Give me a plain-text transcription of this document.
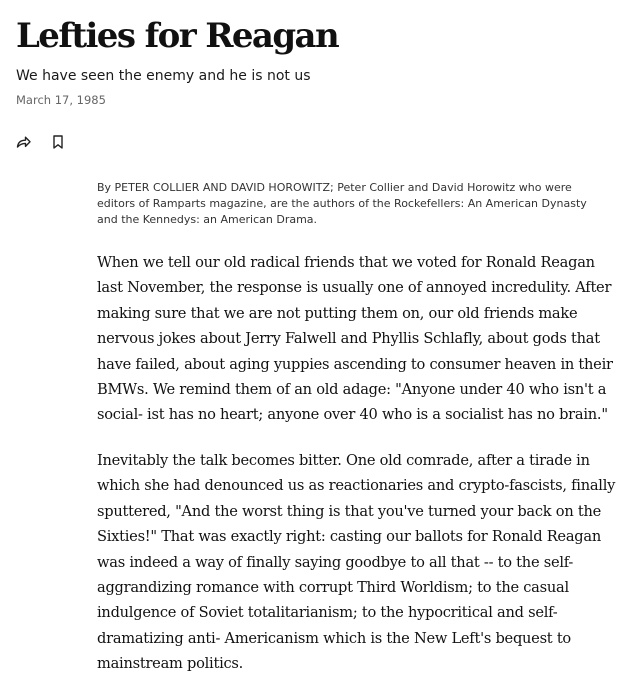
Lefties for Reagan

We have seen the enemy and he is not us

March 17, 1985

By PETER COLLIER AND DAVID HOROWITZ; Peter Collier and David Horowitz who were
editors of Ramparts magazine, are the authors of the Rockefellers: An American Dynasty
and the Kennedys: an American Drama.

When we tell our old radical friends that we voted for Ronald Reagan
last November, the response is usually one of annoyed incredulity. After
making sure that we are not putting them on, our old friends make
nervous jokes about Jerry Falwell and Phyllis Schlafly, about gods that
have failed, about aging yuppies ascending to consumer heaven in their
BMWs. We remind them of an old adage: "Anyone under 40 who isn't a
social- ist has no heart; anyone over 40 who is a socialist has no brain."

Inevitably the talk becomes bitter. One old comrade, after a tirade in
which she had denounced us as reactionaries and crypto-fascists, finally
sputtered, "And the worst thing is that you've turned your back on the
Sixties!" That was exactly right: casting our ballots for Ronald Reagan
was indeed a way of finally saying goodbye to all that -- to the self-
aggrandizing romance with corrupt Third Worldism; to the casual
indulgence of Soviet totalitarianism; to the hypocritical and self-
dramatizing anti- Americanism which is the New Left's bequest to
mainstream politics.
